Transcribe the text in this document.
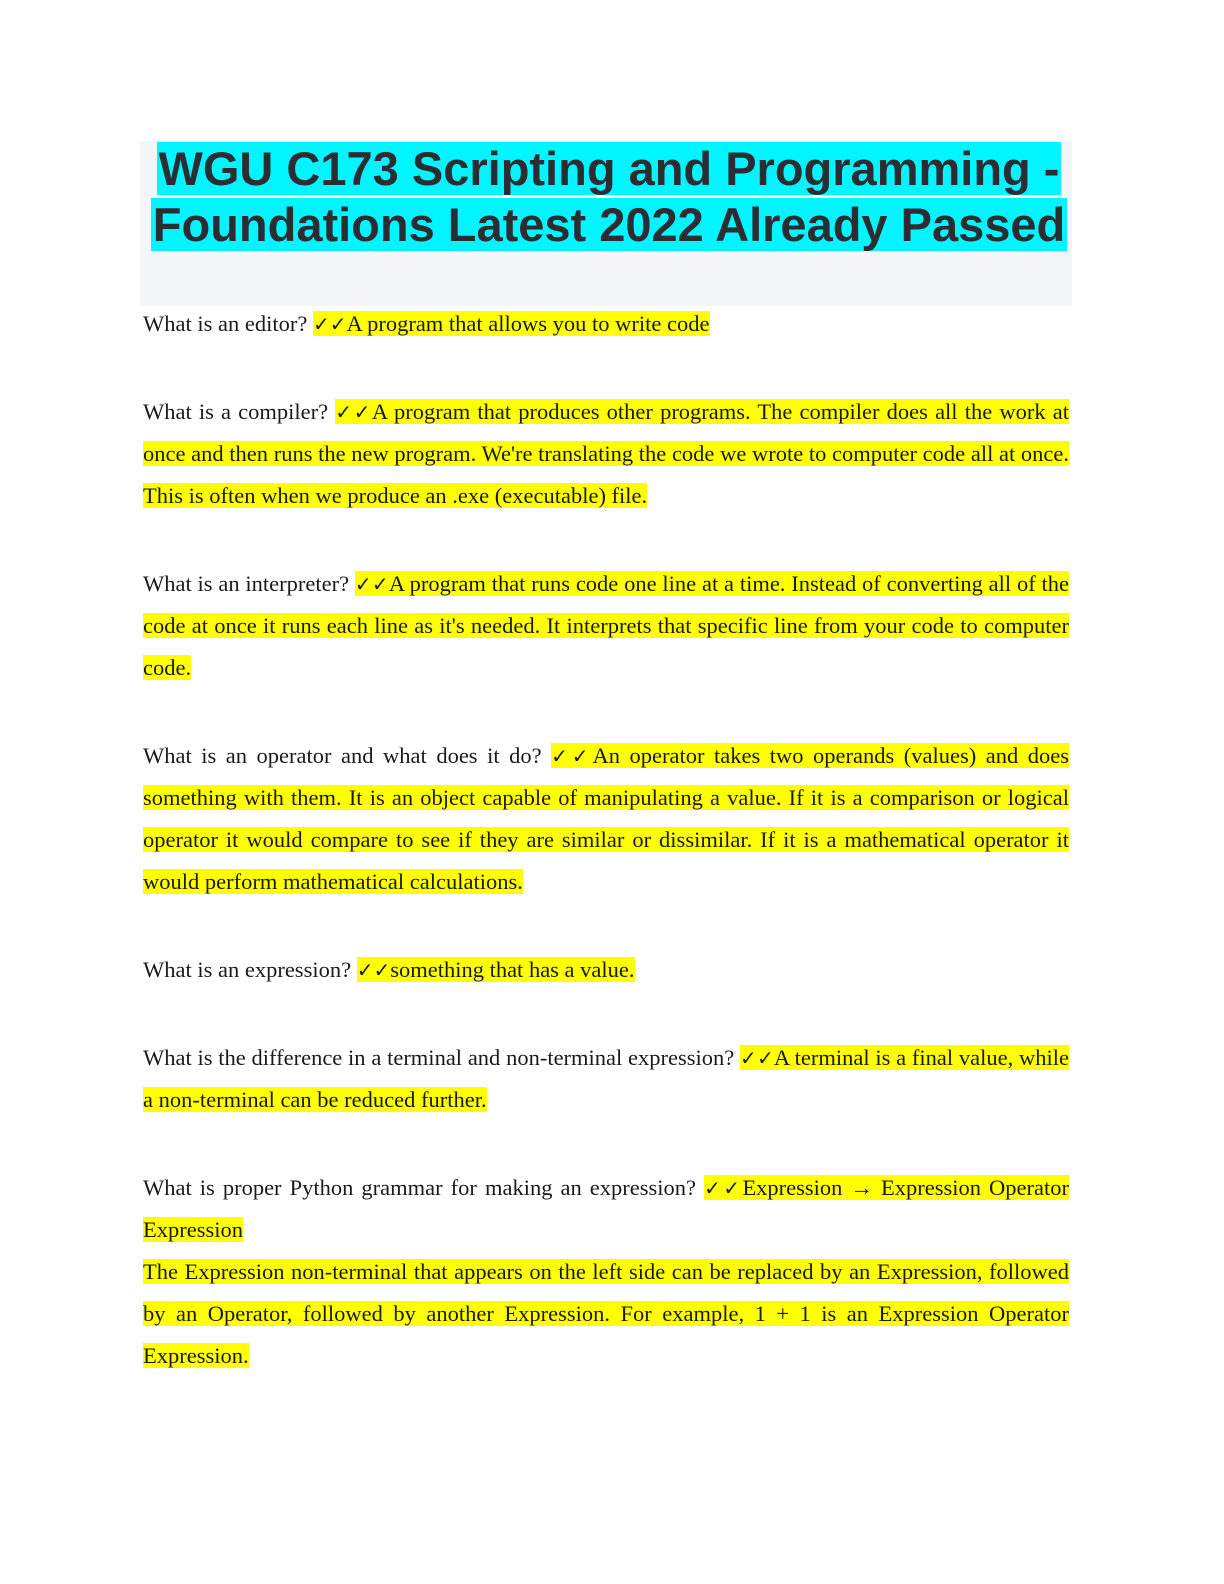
WGU C173 Scripting and Programming -
Foundations Latest 2022 Already Passed

What is an editor? ✓✓A program that allows you to write code

What is a compiler? ✓✓A program that produces other programs. The compiler does all the work at once and then runs the new program. We're translating the code we wrote to computer code all at once. This is often when we produce an .exe (executable) file.

What is an interpreter? ✓✓A program that runs code one line at a time. Instead of converting all of the code at once it runs each line as it's needed. It interprets that specific line from your code to computer code.

What is an operator and what does it do? ✓✓An operator takes two operands (values) and does something with them. It is an object capable of manipulating a value. If it is a comparison or logical operator it would compare to see if they are similar or dissimilar. If it is a mathematical operator it would perform mathematical calculations.

What is an expression? ✓✓something that has a value.

What is the difference in a terminal and non-terminal expression? ✓✓A terminal is a final value, while a non-terminal can be reduced further.

What is proper Python grammar for making an expression? ✓✓Expression → Expression Operator Expression

The Expression non-terminal that appears on the left side can be replaced by an Expression, followed by an Operator, followed by another Expression. For example, 1 + 1 is an Expression Operator Expression.
